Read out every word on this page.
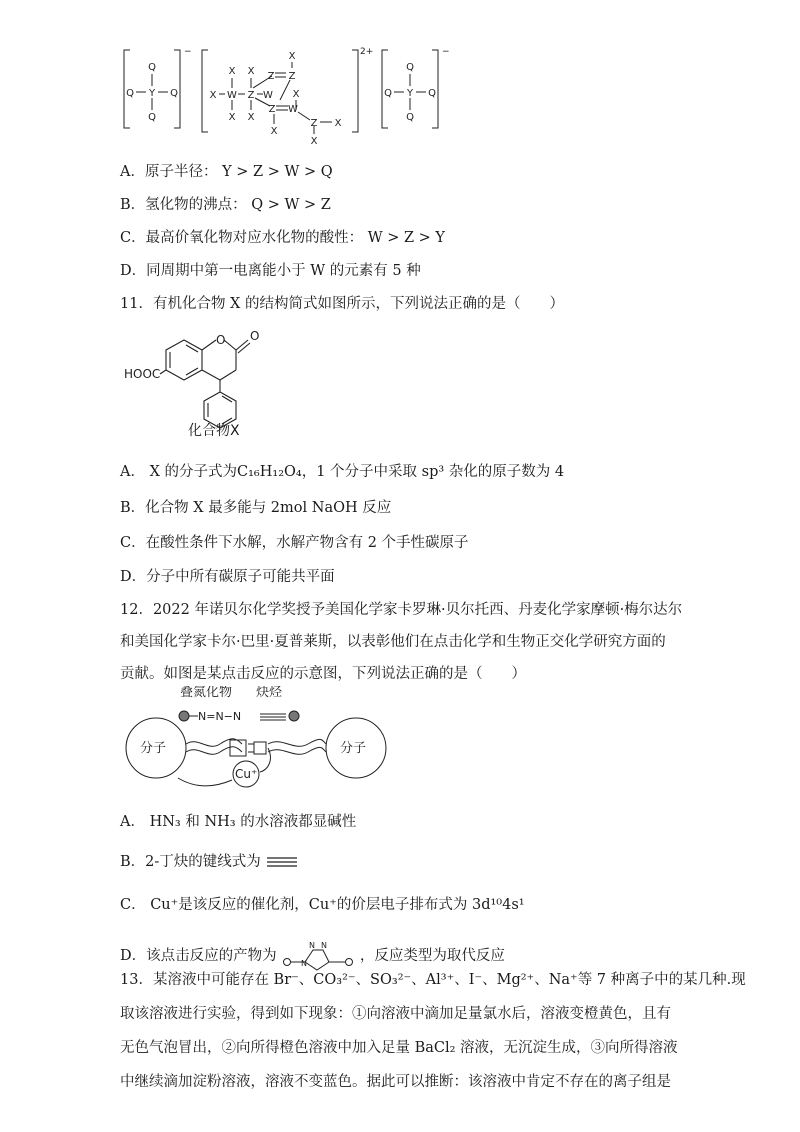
Q
Y
Q
Q	Q
Q
Y
Q
Q	Q
X W
X
X
Z
X
X
W
Z Z
X
Z W
X
X
Z
X
X
−	2+	−
A．原子半径： Y > Z > W > Q
B．氢化物的沸点： Q > W > Z
C．最高价氧化物对应水化物的酸性： W > Z > Y
D．同周期中第一电离能小于 W 的元素有 5 种
11．有机化合物 X 的结构简式如图所示，下列说法正确的是（　　）
O O
HOOC
化合物X
A． X 的分子式为C₁₆H₁₂O₄，1 个分子中采取 sp³ 杂化的原子数为 4
B．化合物 X 最多能与 2mol NaOH 反应
C．在酸性条件下水解，水解产物含有 2 个手性碳原子
D．分子中所有碳原子可能共平面
12．2022 年诺贝尔化学奖授予美国化学家卡罗琳·贝尔托西、丹麦化学家摩顿·梅尔达尔
和美国化学家卡尔·巴里·夏普莱斯，以表彰他们在点击化学和生物正交化学研究方面的
贡献。如图是某点击反应的示意图，下列说法正确的是（　　）
叠氮化物 炔烃
N=N−N
分子	分子
Cu⁺
A． HN₃ 和 NH₃ 的水溶液都显碱性
B．2-丁炔的键线式为
C． Cu⁺是该反应的催化剂，Cu⁺的价层电子排布式为 3d¹⁰4s¹
D．该点击反应的产物为
N N
N	，反应类型为取代反应
13．某溶液中可能存在 Br⁻、CO₃²⁻、SO₃²⁻、Al³⁺、I⁻、Mg²⁺、Na⁺等 7 种离子中的某几种.现
取该溶液进行实验，得到如下现象：①向溶液中滴加足量氯水后，溶液变橙黄色，且有
无色气泡冒出，②向所得橙色溶液中加入足量 BaCl₂ 溶液，无沉淀生成，③向所得溶液
中继续滴加淀粉溶液，溶液不变蓝色。据此可以推断：该溶液中肯定不存在的离子组是
